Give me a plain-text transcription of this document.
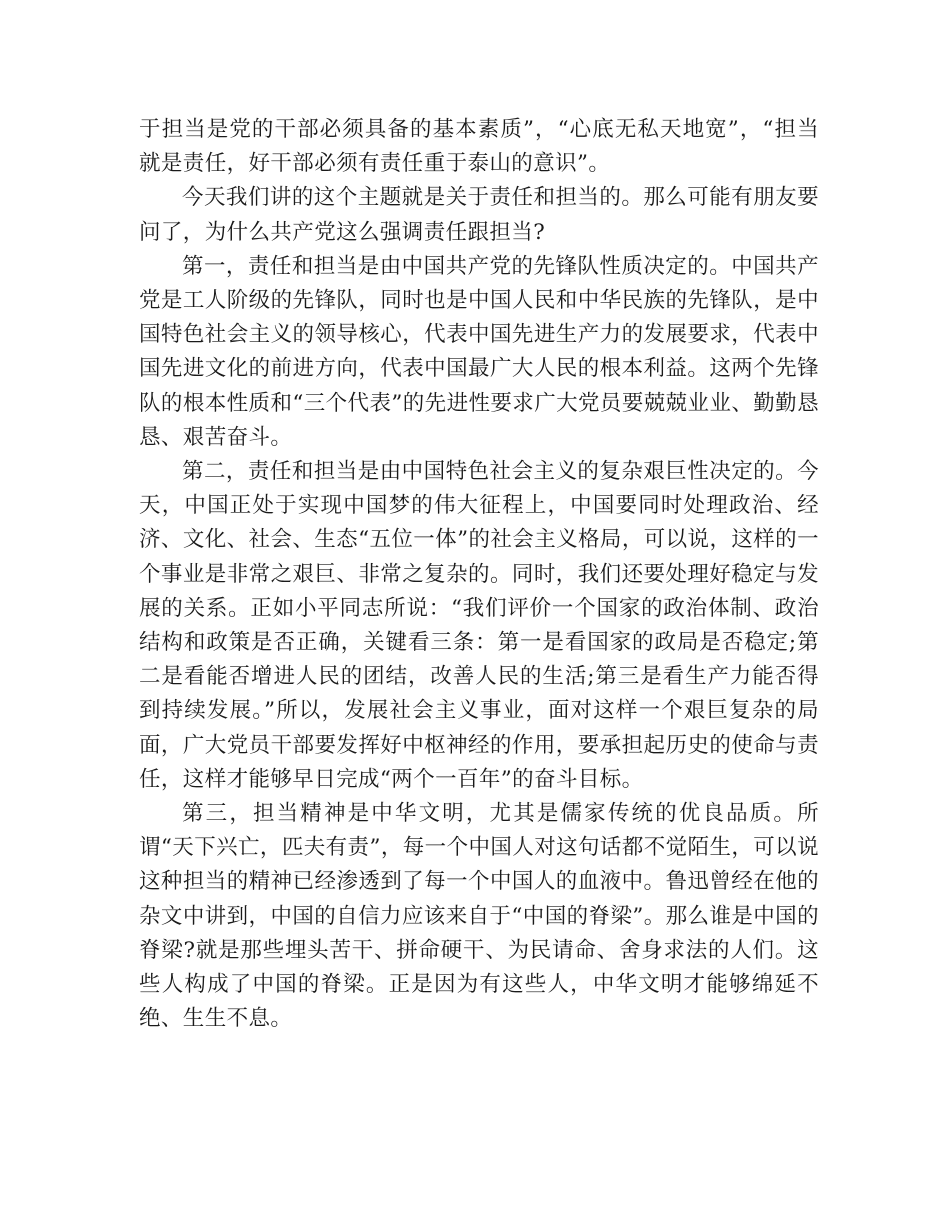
于担当是党的干部必须具备的基本素质”，“心底无私天地宽”，“担当就是责任，好干部必须有责任重于泰山的意识”。

今天我们讲的这个主题就是关于责任和担当的。那么可能有朋友要问了，为什么共产党这么强调责任跟担当?

第一，责任和担当是由中国共产党的先锋队性质决定的。中国共产党是工人阶级的先锋队，同时也是中国人民和中华民族的先锋队，是中国特色社会主义的领导核心，代表中国先进生产力的发展要求，代表中国先进文化的前进方向，代表中国最广大人民的根本利益。这两个先锋队的根本性质和“三个代表”的先进性要求广大党员要兢兢业业、勤勤恳恳、艰苦奋斗。

第二，责任和担当是由中国特色社会主义的复杂艰巨性决定的。今天，中国正处于实现中国梦的伟大征程上，中国要同时处理政治、经济、文化、社会、生态“五位一体”的社会主义格局，可以说，这样的一个事业是非常之艰巨、非常之复杂的。同时，我们还要处理好稳定与发展的关系。正如小平同志所说：“我们评价一个国家的政治体制、政治结构和政策是否正确，关键看三条：第一是看国家的政局是否稳定;第二是看能否增进人民的团结，改善人民的生活;第三是看生产力能否得到持续发展。”所以，发展社会主义事业，面对这样一个艰巨复杂的局面，广大党员干部要发挥好中枢神经的作用，要承担起历史的使命与责任，这样才能够早日完成“两个一百年”的奋斗目标。

第三，担当精神是中华文明，尤其是儒家传统的优良品质。所谓“天下兴亡，匹夫有责”，每一个中国人对这句话都不觉陌生，可以说这种担当的精神已经渗透到了每一个中国人的血液中。鲁迅曾经在他的杂文中讲到，中国的自信力应该来自于“中国的脊梁”。那么谁是中国的脊梁?就是那些埋头苦干、拼命硬干、为民请命、舍身求法的人们。这些人构成了中国的脊梁。正是因为有这些人，中华文明才能够绵延不绝、生生不息。
